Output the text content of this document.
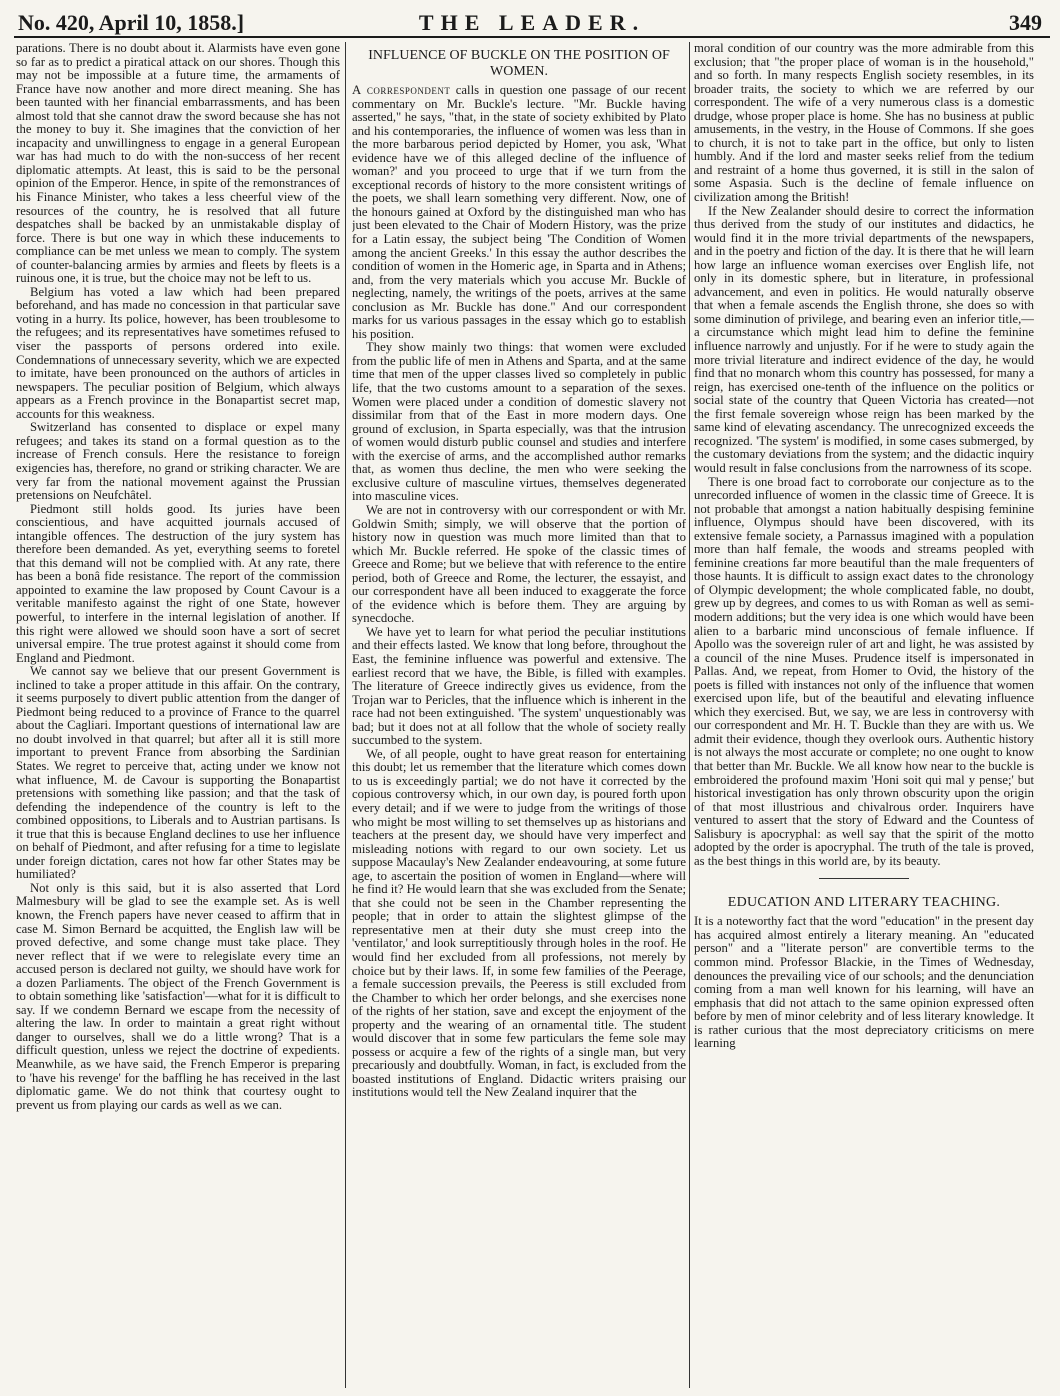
No. 420, April 10, 1858.]	THE LEADER.	349

parations. There is no doubt about it. Alarmists have even gone so far as to predict a piratical attack on our shores. Though this may not be impossible at a future time, the armaments of France have now another and more direct meaning. She has been taunted with her financial embarrassments, and has been almost told that she cannot draw the sword because she has not the money to buy it. She imagines that the conviction of her incapacity and unwillingness to engage in a general European war has had much to do with the non-success of her recent diplomatic attempts. At least, this is said to be the personal opinion of the Emperor. Hence, in spite of the remonstrances of his Finance Minister, who takes a less cheerful view of the resources of the country, he is resolved that all future despatches shall be backed by an unmistakable display of force. There is but one way in which these inducements to compliance can be met unless we mean to comply. The system of counter-balancing armies by armies and fleets by fleets is a ruinous one, it is true, but the choice may not be left to us.

Belgium has voted a law which had been prepared beforehand, and has made no concession in that particular save voting in a hurry. Its police, however, has been troublesome to the refugees; and its representatives have sometimes refused to viser the passports of persons ordered into exile. Condemnations of unnecessary severity, which we are expected to imitate, have been pronounced on the authors of articles in newspapers. The peculiar position of Belgium, which always appears as a French province in the Bonapartist secret map, accounts for this weakness.

Switzerland has consented to displace or expel many refugees; and takes its stand on a formal question as to the increase of French consuls. Here the resistance to foreign exigencies has, therefore, no grand or striking character. We are very far from the national movement against the Prussian pretensions on Neufchâtel.

Piedmont still holds good. Its juries have been conscientious, and have acquitted journals accused of intangible offences. The destruction of the jury system has therefore been demanded. As yet, everything seems to foretel that this demand will not be complied with. At any rate, there has been a bonâ fide resistance. The report of the commission appointed to examine the law proposed by Count Cavour is a veritable manifesto against the right of one State, however powerful, to interfere in the internal legislation of another. If this right were allowed we should soon have a sort of secret universal empire. The true protest against it should come from England and Piedmont.

We cannot say we believe that our present Government is inclined to take a proper attitude in this affair. On the contrary, it seems purposely to divert public attention from the danger of Piedmont being reduced to a province of France to the quarrel about the Cagliari. Important questions of international law are no doubt involved in that quarrel; but after all it is still more important to prevent France from absorbing the Sardinian States. We regret to perceive that, acting under we know not what influence, M. de Cavour is supporting the Bonapartist pretensions with something like passion; and that the task of defending the independence of the country is left to the combined oppositions, to Liberals and to Austrian partisans. Is it true that this is because England declines to use her influence on behalf of Piedmont, and after refusing for a time to legislate under foreign dictation, cares not how far other States may be humiliated?

Not only is this said, but it is also asserted that Lord Malmesbury will be glad to see the example set. As is well known, the French papers have never ceased to affirm that in case M. Simon Bernard be acquitted, the English law will be proved defective, and some change must take place. They never reflect that if we were to relegislate every time an accused person is declared not guilty, we should have work for a dozen Parliaments. The object of the French Government is to obtain something like 'satisfaction'—what for it is difficult to say. If we condemn Bernard we escape from the necessity of altering the law. In order to maintain a great right without danger to ourselves, shall we do a little wrong? That is a difficult question, unless we reject the doctrine of expedients. Meanwhile, as we have said, the French Emperor is preparing to 'have his revenge' for the baffling he has received in the last diplomatic game. We do not think that courtesy ought to prevent us from playing our cards as well as we can.

INFLUENCE OF BUCKLE ON THE POSITION OF WOMEN.

A correspondent calls in question one passage of our recent commentary on Mr. Buckle's lecture. "Mr. Buckle having asserted," he says, "that, in the state of society exhibited by Plato and his contemporaries, the influence of women was less than in the more barbarous period depicted by Homer, you ask, 'What evidence have we of this alleged decline of the influence of woman?' and you proceed to urge that if we turn from the exceptional records of history to the more consistent writings of the poets, we shall learn something very different. Now, one of the honours gained at Oxford by the distinguished man who has just been elevated to the Chair of Modern History, was the prize for a Latin essay, the subject being 'The Condition of Women among the ancient Greeks.' In this essay the author describes the condition of women in the Homeric age, in Sparta and in Athens; and, from the very materials which you accuse Mr. Buckle of neglecting, namely, the writings of the poets, arrives at the same conclusion as Mr. Buckle has done." And our correspondent marks for us various passages in the essay which go to establish his position.

They show mainly two things: that women were excluded from the public life of men in Athens and Sparta, and at the same time that men of the upper classes lived so completely in public life, that the two customs amount to a separation of the sexes. Women were placed under a condition of domestic slavery not dissimilar from that of the East in more modern days. One ground of exclusion, in Sparta especially, was that the intrusion of women would disturb public counsel and studies and interfere with the exercise of arms, and the accomplished author remarks that, as women thus decline, the men who were seeking the exclusive culture of masculine virtues, themselves degenerated into masculine vices.

We are not in controversy with our correspondent or with Mr. Goldwin Smith; simply, we will observe that the portion of history now in question was much more limited than that to which Mr. Buckle referred. He spoke of the classic times of Greece and Rome; but we believe that with reference to the entire period, both of Greece and Rome, the lecturer, the essayist, and our correspondent have all been induced to exaggerate the force of the evidence which is before them. They are arguing by synecdoche.

We have yet to learn for what period the peculiar institutions and their effects lasted. We know that long before, throughout the East, the feminine influence was powerful and extensive. The earliest record that we have, the Bible, is filled with examples. The literature of Greece indirectly gives us evidence, from the Trojan war to Pericles, that the influence which is inherent in the race had not been extinguished. 'The system' unquestionably was bad; but it does not at all follow that the whole of society really succumbed to the system.

We, of all people, ought to have great reason for entertaining this doubt; let us remember that the literature which comes down to us is exceedingly partial; we do not have it corrected by the copious controversy which, in our own day, is poured forth upon every detail; and if we were to judge from the writings of those who might be most willing to set themselves up as historians and teachers at the present day, we should have very imperfect and misleading notions with regard to our own society. Let us suppose Macaulay's New Zealander endeavouring, at some future age, to ascertain the position of women in England—where will he find it? He would learn that she was excluded from the Senate; that she could not be seen in the Chamber representing the people; that in order to attain the slightest glimpse of the representative men at their duty she must creep into the 'ventilator,' and look surreptitiously through holes in the roof. He would find her excluded from all professions, not merely by choice but by their laws. If, in some few families of the Peerage, a female succession prevails, the Peeress is still excluded from the Chamber to which her order belongs, and she exercises none of the rights of her station, save and except the enjoyment of the property and the wearing of an ornamental title. The student would discover that in some few particulars the feme sole may possess or acquire a few of the rights of a single man, but very precariously and doubtfully. Woman, in fact, is excluded from the boasted institutions of England. Didactic writers praising our institutions would tell the New Zealand inquirer that the

moral condition of our country was the more admirable from this exclusion; that "the proper place of woman is in the household," and so forth. In many respects English society resembles, in its broader traits, the society to which we are referred by our correspondent. The wife of a very numerous class is a domestic drudge, whose proper place is home. She has no business at public amusements, in the vestry, in the House of Commons. If she goes to church, it is not to take part in the office, but only to listen humbly. And if the lord and master seeks relief from the tedium and restraint of a home thus governed, it is still in the salon of some Aspasia. Such is the decline of female influence on civilization among the British!

If the New Zealander should desire to correct the information thus derived from the study of our institutes and didactics, he would find it in the more trivial departments of the newspapers, and in the poetry and fiction of the day. It is there that he will learn how large an influence woman exercises over English life, not only in its domestic sphere, but in literature, in professional advancement, and even in politics. He would naturally observe that when a female ascends the English throne, she does so with some diminution of privilege, and bearing even an inferior title,—a circumstance which might lead him to define the feminine influence narrowly and unjustly. For if he were to study again the more trivial literature and indirect evidence of the day, he would find that no monarch whom this country has possessed, for many a reign, has exercised one-tenth of the influence on the politics or social state of the country that Queen Victoria has created—not the first female sovereign whose reign has been marked by the same kind of elevating ascendancy. The unrecognized exceeds the recognized. 'The system' is modified, in some cases submerged, by the customary deviations from the system; and the didactic inquiry would result in false conclusions from the narrowness of its scope.

There is one broad fact to corroborate our conjecture as to the unrecorded influence of women in the classic time of Greece. It is not probable that amongst a nation habitually despising feminine influence, Olympus should have been discovered, with its extensive female society, a Parnassus imagined with a population more than half female, the woods and streams peopled with feminine creations far more beautiful than the male frequenters of those haunts. It is difficult to assign exact dates to the chronology of Olympic development; the whole complicated fable, no doubt, grew up by degrees, and comes to us with Roman as well as semi-modern additions; but the very idea is one which would have been alien to a barbaric mind unconscious of female influence. If Apollo was the sovereign ruler of art and light, he was assisted by a council of the nine Muses. Prudence itself is impersonated in Pallas. And, we repeat, from Homer to Ovid, the history of the poets is filled with instances not only of the influence that women exercised upon life, but of the beautiful and elevating influence which they exercised. But, we say, we are less in controversy with our correspondent and Mr. H. T. Buckle than they are with us. We admit their evidence, though they overlook ours. Authentic history is not always the most accurate or complete; no one ought to know that better than Mr. Buckle. We all know how near to the buckle is embroidered the profound maxim 'Honi soit qui mal y pense;' but historical investigation has only thrown obscurity upon the origin of that most illustrious and chivalrous order. Inquirers have ventured to assert that the story of Edward and the Countess of Salisbury is apocryphal: as well say that the spirit of the motto adopted by the order is apocryphal. The truth of the tale is proved, as the best things in this world are, by its beauty.

EDUCATION AND LITERARY TEACHING.

It is a noteworthy fact that the word "education" in the present day has acquired almost entirely a literary meaning. An "educated person" and a "literate person" are convertible terms to the common mind. Professor Blackie, in the Times of Wednesday, denounces the prevailing vice of our schools; and the denunciation coming from a man well known for his learning, will have an emphasis that did not attach to the same opinion expressed often before by men of minor celebrity and of less literary knowledge. It is rather curious that the most depreciatory criticisms on mere learning
